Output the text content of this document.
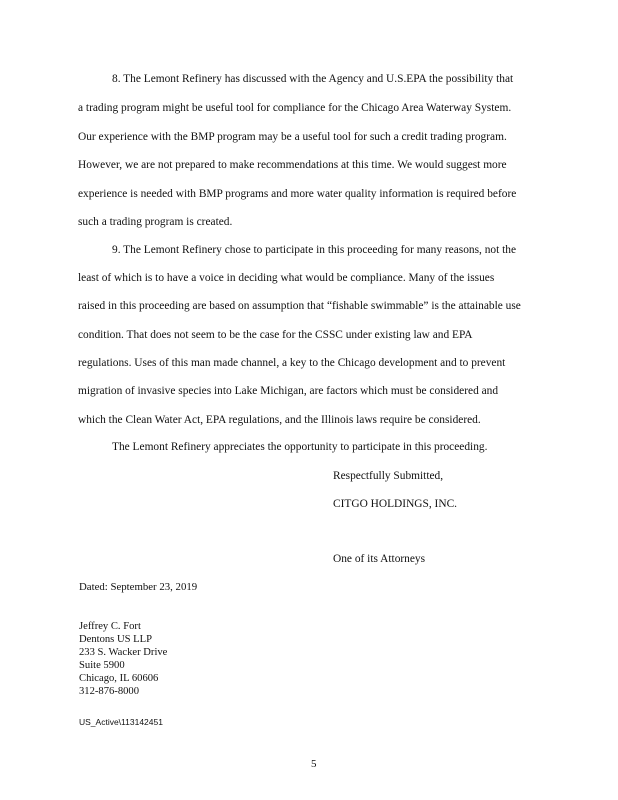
8. The Lemont Refinery has discussed with the Agency and U.S.EPA the possibility that
a trading program might be useful tool for compliance for the Chicago Area Waterway System.
Our experience with the BMP program may be a useful tool for such a credit trading program.
However, we are not prepared to make recommendations at this time. We would suggest more
experience is needed with BMP programs and more water quality information is required before
such a trading program is created.
9. The Lemont Refinery chose to participate in this proceeding for many reasons, not the
least of which is to have a voice in deciding what would be compliance. Many of the issues
raised in this proceeding are based on assumption that “fishable swimmable” is the attainable use
condition. That does not seem to be the case for the CSSC under existing law and EPA
regulations. Uses of this man made channel, a key to the Chicago development and to prevent
migration of invasive species into Lake Michigan, are factors which must be considered and
which the Clean Water Act, EPA regulations, and the Illinois laws require be considered.
The Lemont Refinery appreciates the opportunity to participate in this proceeding.
Respectfully Submitted,
CITGO HOLDINGS, INC.
One of its Attorneys
Dated: September 23, 2019
Jeffrey C. Fort
Dentons US LLP
233 S. Wacker Drive
Suite 5900
Chicago, IL 60606
312-876-8000
US_Active\113142451
5
